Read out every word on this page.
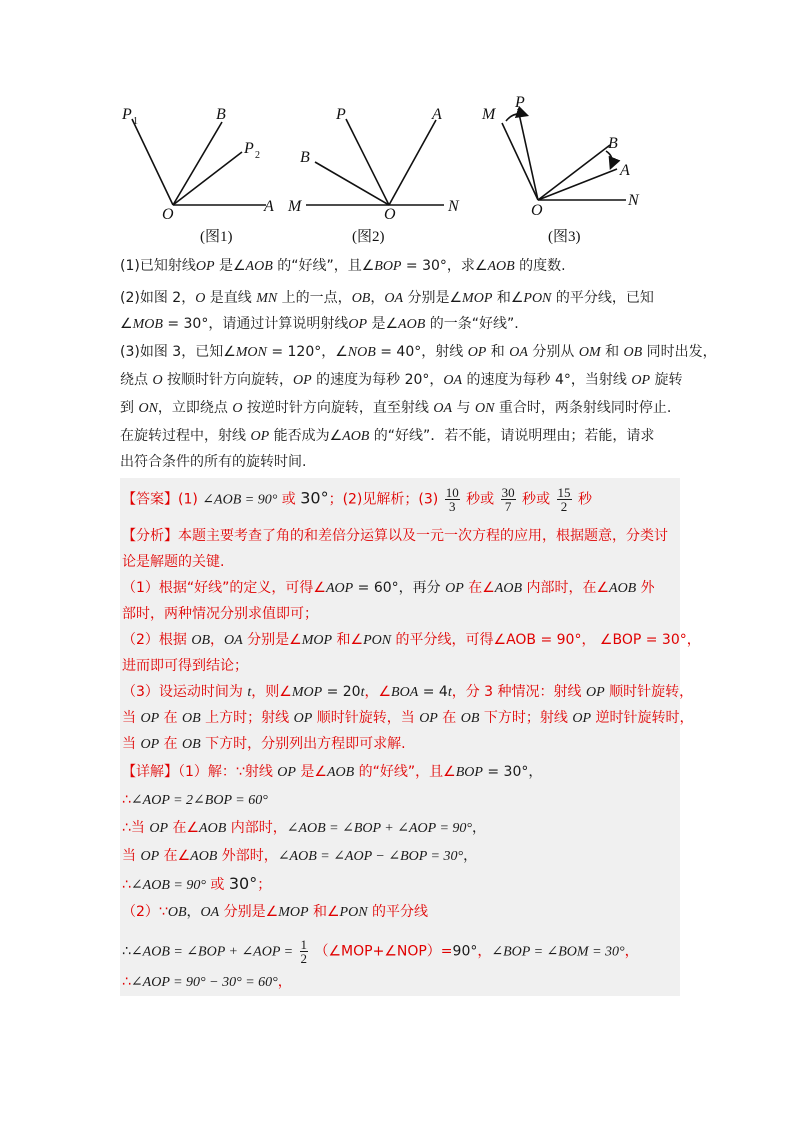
P 1	B
P 2
O	A
(图1)
P	A
B
M	O	N
(图2)
M
P
B
A
O
N
(图3)
(1)已知射线OP 是∠AOB 的“好线”，且∠BOP = 30°，求∠AOB 的度数.
(2)如图 2，O 是直线 MN 上的一点，OB，OA 分别是∠MOP 和∠PON 的平分线，已知
∠MOB = 30°，请通过计算说明射线OP 是∠AOB 的一条“好线”.
(3)如图 3，已知∠MON = 120°，∠NOB = 40°，射线 OP 和 OA 分别从 OM 和 OB 同时出发，
绕点 O 按顺时针方向旋转，OP 的速度为每秒 20°，OA 的速度为每秒 4°，当射线 OP 旋转
到 ON，立即绕点 O 按逆时针方向旋转，直至射线 OA 与 ON 重合时，两条射线同时停止.
在旋转过程中，射线 OP 能否成为∠AOB 的“好线”．若不能，请说明理由；若能，请求
出符合条件的所有的旋转时间.
【答案】(1) ∠AOB = 90° 或 30°；(2)见解析；$(3) \frac{10}{3}$ 秒或 $\frac{30}{7}$ 秒或 $\frac{15}{2}$ 秒
【分析】本题主要考查了角的和差倍分运算以及一元一次方程的应用，根据题意，分类讨
论是解题的关键.
（1）根据“好线”的定义，可得∠AOP = 60°，再分 OP 在∠AOB 内部时，在∠AOB 外
部时，两种情况分别求值即可；
（2）根据 OB，OA 分别是∠MOP 和∠PON 的平分线，可得∠AOB = 90°， ∠BOP = 30°，
进而即可得到结论；
（3）设运动时间为 t，则∠MOP = 20t，∠BOA = 4t，分 3 种情况：射线 OP 顺时针旋转，
当 OP 在 OB 上方时；射线 OP 顺时针旋转，当 OP 在 OB 下方时；射线 OP 逆时针旋转时，
当 OP 在 OB 下方时，分别列出方程即可求解.
【详解】（1）解：∵射线 OP 是∠AOB 的“好线”，且∠BOP = 30°，
∴∠AOP = 2∠BOP = 60°
∴当 OP 在∠AOB 内部时，∠AOB = ∠BOP + ∠AOP = 90°，
当 OP 在∠AOB 外部时，∠AOB = ∠AOP − ∠BOP = 30°，
∴∠AOB = 90° 或 30°；
（2）∵OB，OA 分别是∠MOP 和∠PON 的平分线
∴∠AOB = ∠BOP + ∠AOP = $\frac{1}{2}$ （∠MOP+∠NOP）=90°，∠BOP = ∠BOM = 30°，
∴∠AOP = 90° − 30° = 60°，
